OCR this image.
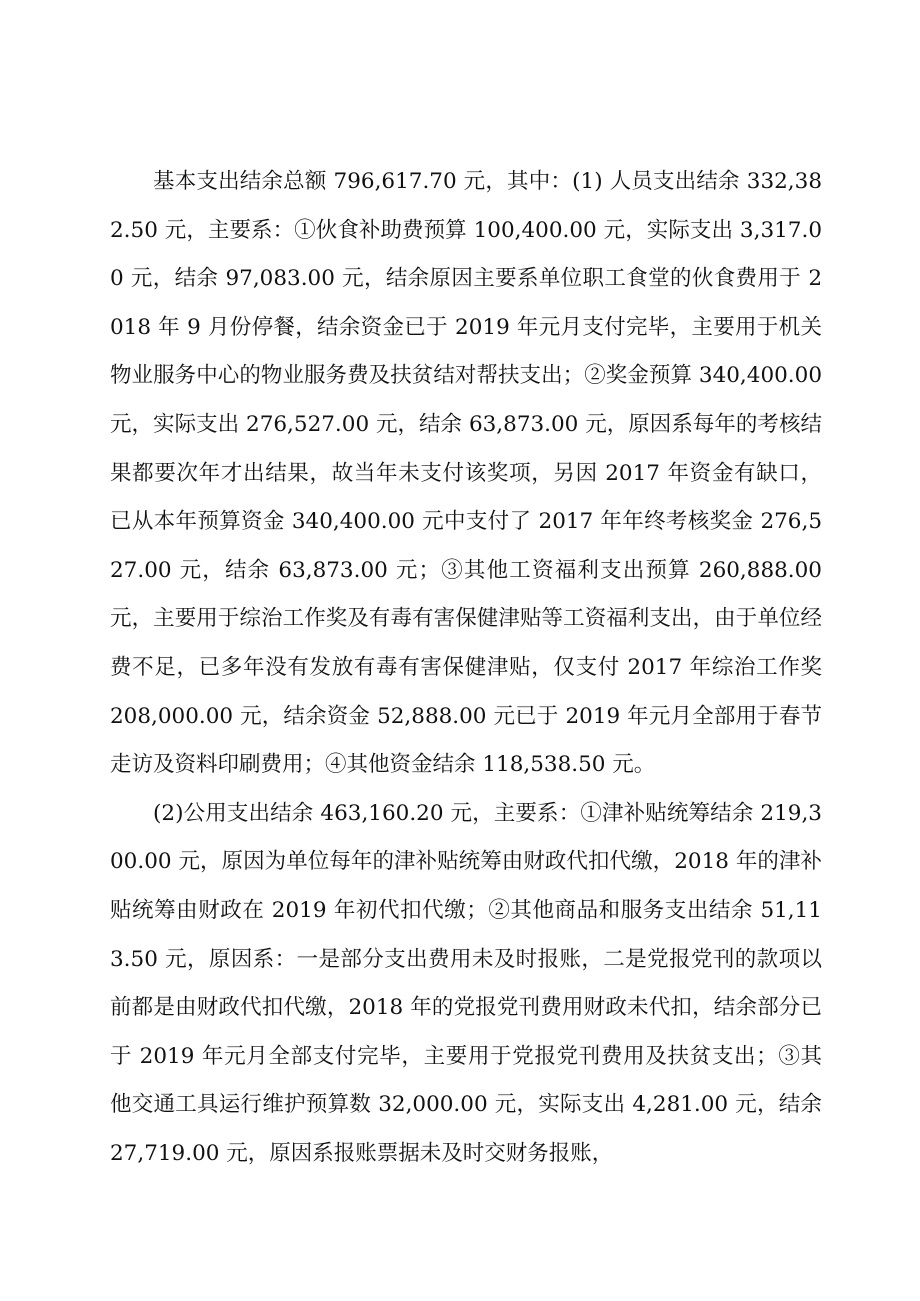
基本支出结余总额 796,617.70 元，其中：(1) 人员支出结余 332,382.50 元，主要系：①伙食补助费预算 100,400.00 元，实际支出 3,317.00 元，结余 97,083.00 元，结余原因主要系单位职工食堂的伙食费用于 2018 年 9 月份停餐，结余资金已于 2019 年元月支付完毕，主要用于机关物业服务中心的物业服务费及扶贫结对帮扶支出；②奖金预算 340,400.00 元，实际支出 276,527.00 元，结余 63,873.00 元，原因系每年的考核结果都要次年才出结果，故当年未支付该奖项，另因 2017 年资金有缺口，已从本年预算资金 340,400.00 元中支付了 2017 年年终考核奖金 276,527.00 元，结余 63,873.00 元；③其他工资福利支出预算 260,888.00 元，主要用于综治工作奖及有毒有害保健津贴等工资福利支出，由于单位经费不足，已多年没有发放有毒有害保健津贴，仅支付 2017 年综治工作奖 208,000.00 元，结余资金 52,888.00 元已于 2019 年元月全部用于春节走访及资料印刷费用；④其他资金结余 118,538.50 元。

(2)公用支出结余 463,160.20 元，主要系：①津补贴统筹结余 219,300.00 元，原因为单位每年的津补贴统筹由财政代扣代缴，2018 年的津补贴统筹由财政在 2019 年初代扣代缴；②其他商品和服务支出结余 51,113.50 元，原因系：一是部分支出费用未及时报账，二是党报党刊的款项以前都是由财政代扣代缴，2018 年的党报党刊费用财政未代扣，结余部分已于 2019 年元月全部支付完毕，主要用于党报党刊费用及扶贫支出；③其他交通工具运行维护预算数 32,000.00 元，实际支出 4,281.00 元，结余 27,719.00 元，原因系报账票据未及时交财务报账，
